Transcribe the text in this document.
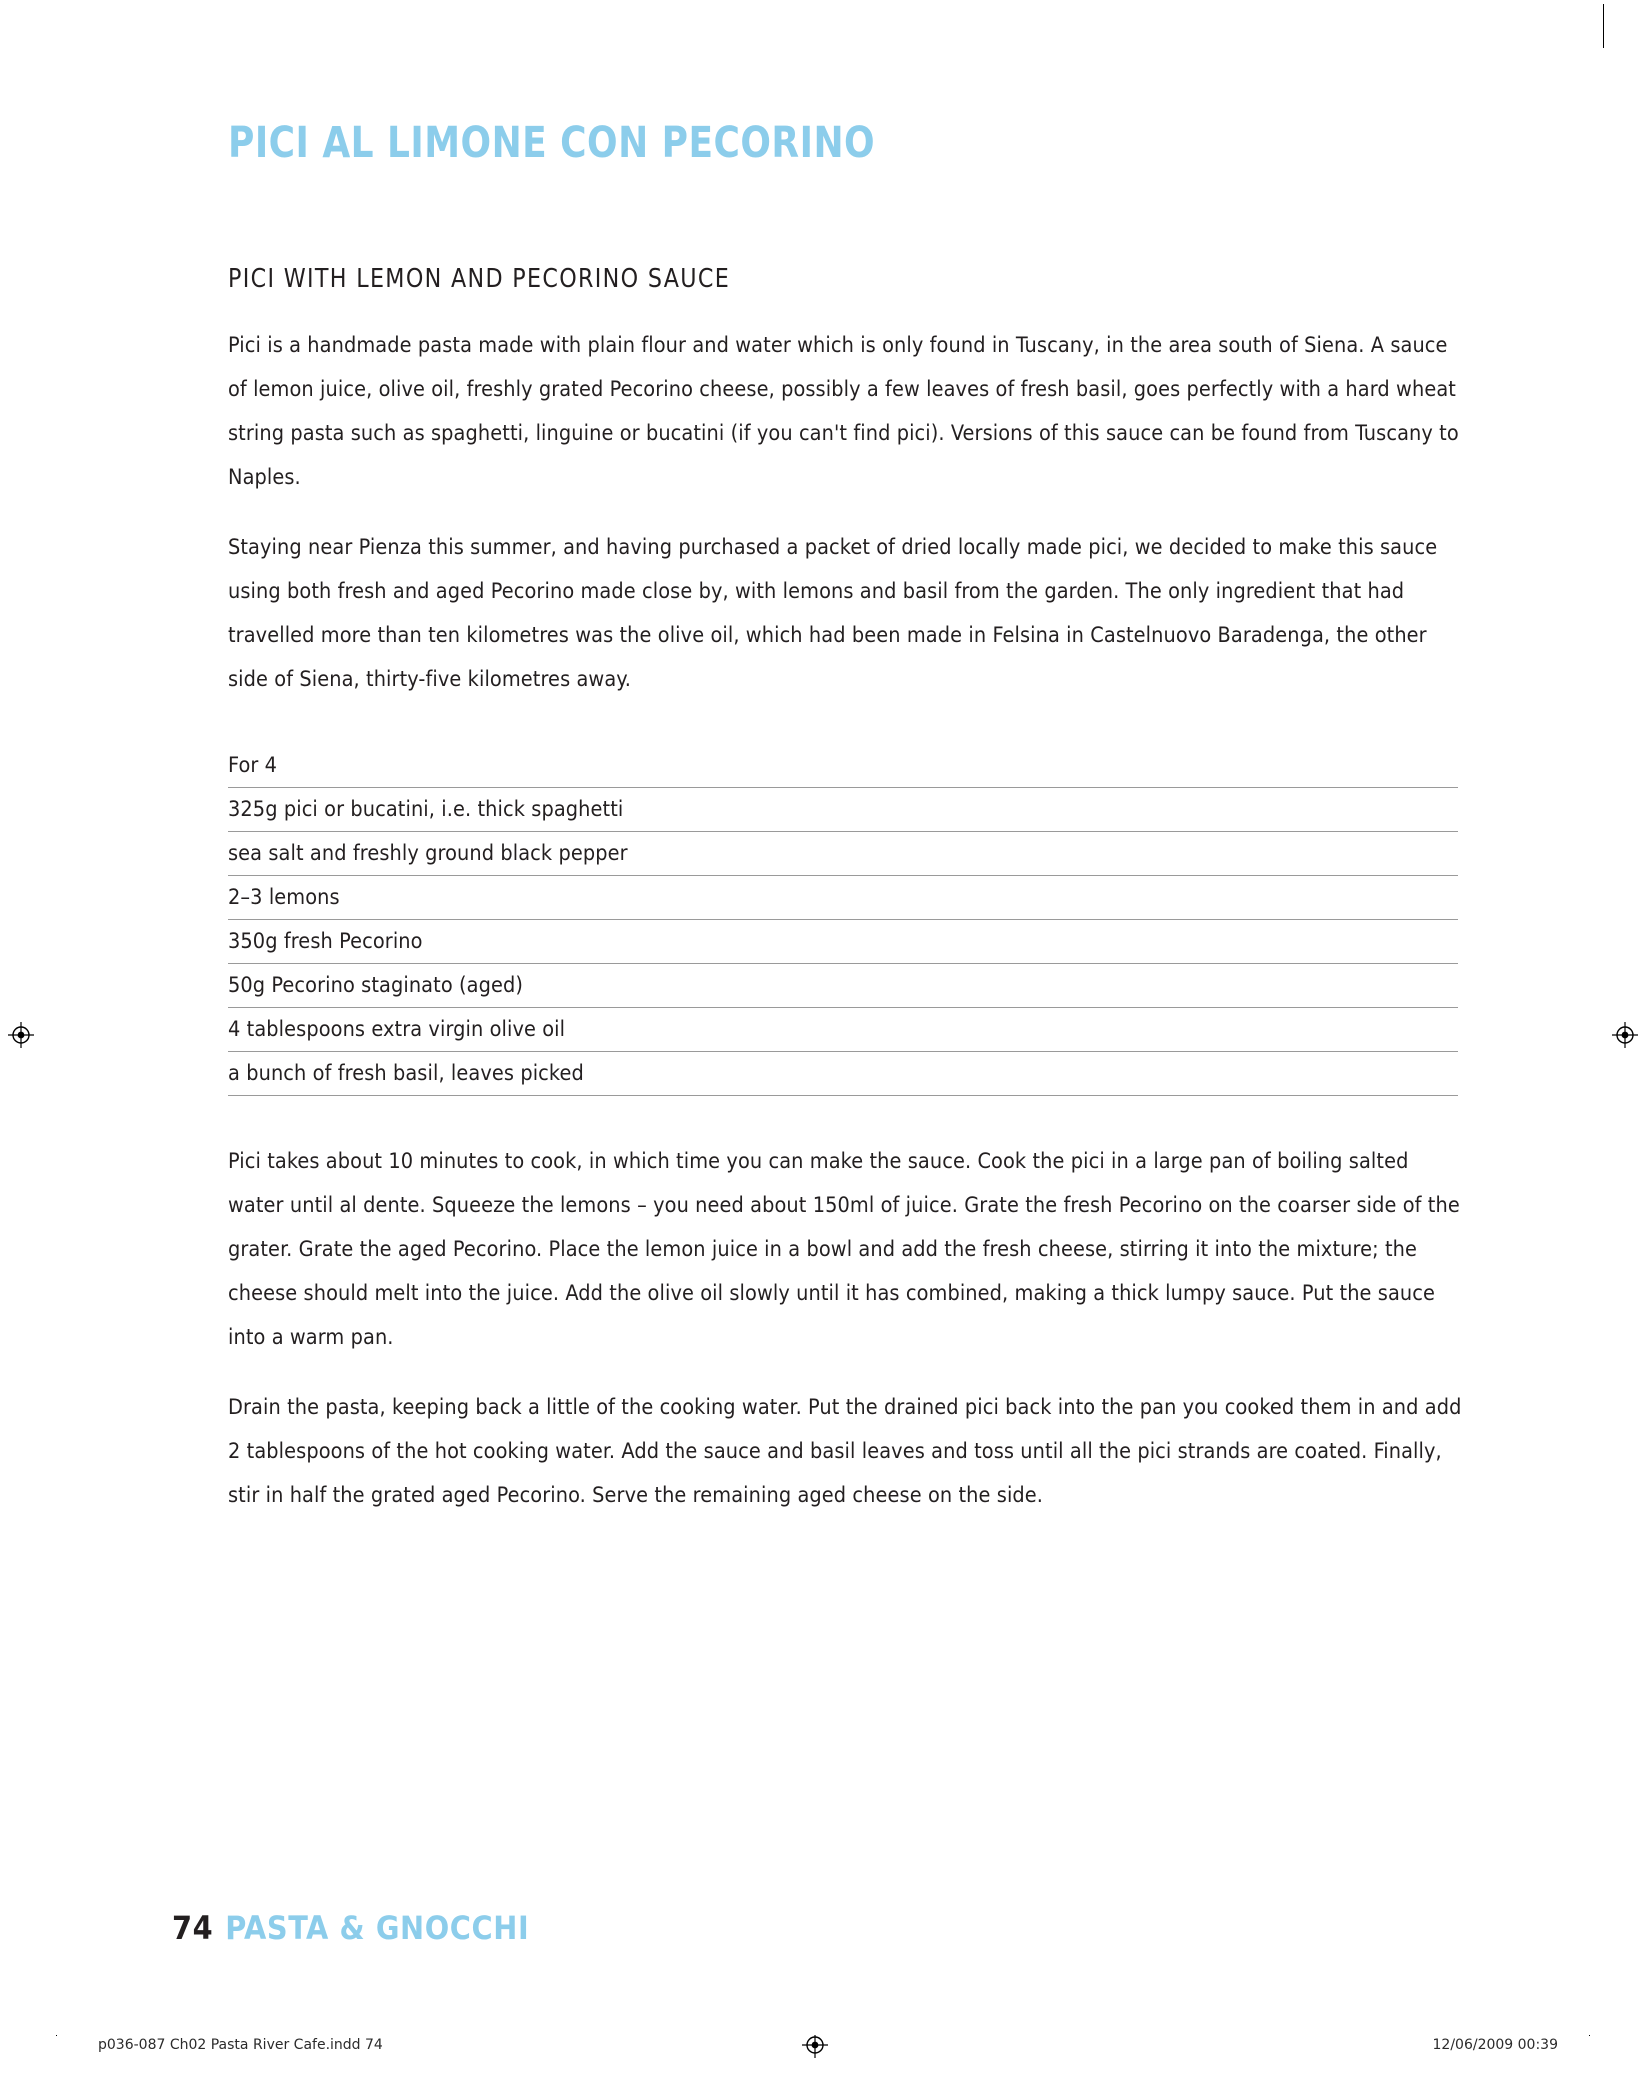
PICI AL LIMONE CON PECORINO
PICI WITH LEMON AND PECORINO SAUCE

Pici is a handmade pasta made with plain flour and water which is only found in Tuscany, in the area south of Siena. A sauce of lemon juice, olive oil, freshly grated Pecorino cheese, possibly a few leaves of fresh basil, goes perfectly with a hard wheat string pasta such as spaghetti, linguine or bucatini (if you can't find pici). Versions of this sauce can be found from Tuscany to Naples.

Staying near Pienza this summer, and having purchased a packet of dried locally made pici, we decided to make this sauce using both fresh and aged Pecorino made close by, with lemons and basil from the garden. The only ingredient that had travelled more than ten kilometres was the olive oil, which had been made in Felsina in Castelnuovo Baradenga, the other side of Siena, thirty-five kilometres away.

For 4
325g pici or bucatini, i.e. thick spaghetti
sea salt and freshly ground black pepper
2–3 lemons
350g fresh Pecorino
50g Pecorino staginato (aged)
4 tablespoons extra virgin olive oil
a bunch of fresh basil, leaves picked

Pici takes about 10 minutes to cook, in which time you can make the sauce. Cook the pici in a large pan of boiling salted water until al dente. Squeeze the lemons – you need about 150ml of juice. Grate the fresh Pecorino on the coarser side of the grater. Grate the aged Pecorino. Place the lemon juice in a bowl and add the fresh cheese, stirring it into the mixture; the cheese should melt into the juice. Add the olive oil slowly until it has combined, making a thick lumpy sauce. Put the sauce into a warm pan.

Drain the pasta, keeping back a little of the cooking water. Put the drained pici back into the pan you cooked them in and add 2 tablespoons of the hot cooking water. Add the sauce and basil leaves and toss until all the pici strands are coated. Finally, stir in half the grated aged Pecorino. Serve the remaining aged cheese on the side.

74 PASTA & GNOCCHI
p036-087 Ch02 Pasta River Cafe.indd 74	12/06/2009 00:39
